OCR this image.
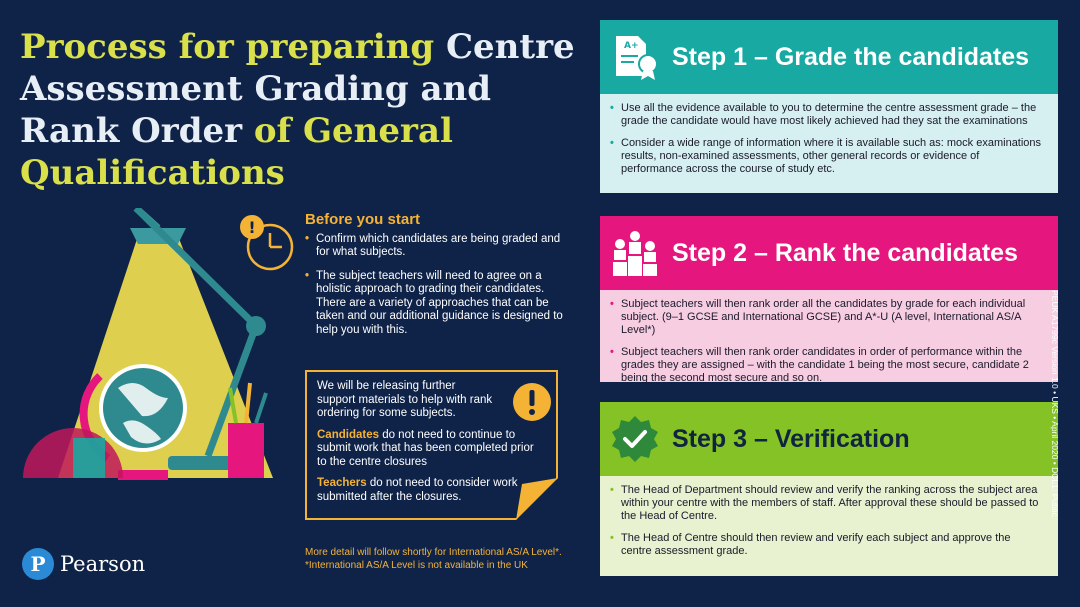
Process for preparing Centre Assessment Grading and Rank Order of General Qualifications
!	Before you start
• Confirm which candidates are being graded and for what subjects.
• The subject teachers will need to agree on a holistic approach to grading their candidates. There are a variety of approaches that can be taken and our additional guidance is designed to help you with this.

We will be releasing further support materials to help with rank ordering for some subjects.

Candidates do not need to continue to submit work that has been completed prior to the centre closures

Teachers do not need to consider work submitted after the closures.

More detail will follow shortly for International AS/A Level*.
*International AS/A Level is not available in the UK
P Pearson
A+ Step 1 – Grade the candidates
• Use all the evidence available to you to determine the centre assessment grade – the grade the candidate would have most likely achieved had they sat the examinations
• Consider a wide range of information where it is available such as: mock examinations results, non-examined assessments, other general records or evidence of performance across the course of study etc.
Step 2 – Rank the candidates
• Subject teachers will then rank order all the candidates by grade for each individual subject. (9–1 GCSE and International GCSE) and A*-U (A level, International AS/A Level*)
• Subject teachers will then rank order candidates in order of performance within the grades they are assigned – with the candidate 1 being the most secure, candidate 2 being the second most secure and so on.
Step 3 – Verification
• The Head of Department should review and verify the ranking across the subject area within your centre with the members of staff. After approval these should be passed to the Head of Centre.
• The Head of Centre should then review and verify each subject and approve the centre assessment grade.
PEUK A1799c Version 1.0 • UKS • April 2020 • DCL1: Public
